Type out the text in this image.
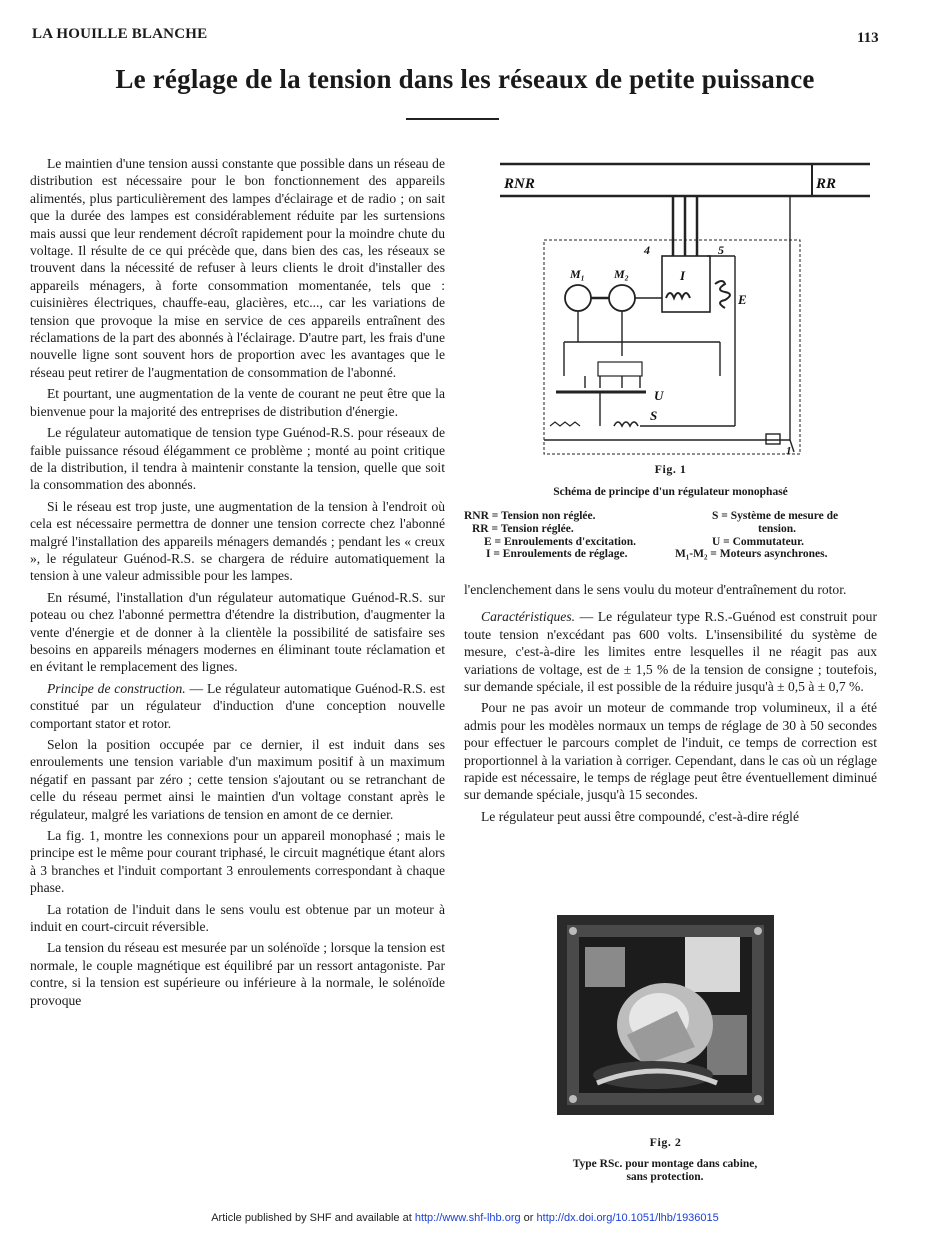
LA HOUILLE BLANCHE	113
Le réglage de la tension dans les réseaux de petite puissance

Le maintien d'une tension aussi constante que possible dans un réseau de distribution est nécessaire pour le bon fonctionnement des appareils alimentés, plus particulièrement des lampes d'éclairage et de radio ; on sait que la durée des lampes est considérablement réduite par les surtensions mais aussi que leur rendement décroît rapidement pour la moindre chute du voltage. Il résulte de ce qui précède que, dans bien des cas, les réseaux se trouvent dans la nécessité de refuser à leurs clients le droit d'installer des appareils ménagers, à forte consommation momentanée, tels que : cuisinières électriques, chauffe-eau, glacières, etc..., car les variations de tension que provoque la mise en service de ces appareils entraînent des réclamations de la part des abonnés à l'éclairage. D'autre part, les frais d'une nouvelle ligne sont souvent hors de proportion avec les avantages que le réseau peut retirer de l'augmentation de consommation de l'abonné.

Et pourtant, une augmentation de la vente de courant ne peut être que la bienvenue pour la majorité des entreprises de distribution d'énergie.

Le régulateur automatique de tension type Guénod-R.S. pour réseaux de faible puissance résoud élégamment ce problème ; monté au point critique de la distribution, il tendra à maintenir constante la tension, quelle que soit la consommation des abonnés.

Si le réseau est trop juste, une augmentation de la tension à l'endroit où cela est nécessaire permettra de donner une tension correcte chez l'abonné malgré l'installation des appareils ménagers demandés ; pendant les « creux », le régulateur Guénod-R.S. se chargera de réduire automatiquement la tension à une valeur admissible pour les lampes.

En résumé, l'installation d'un régulateur automatique Guénod-R.S. sur poteau ou chez l'abonné permettra d'étendre la distribution, d'augmenter la vente d'énergie et de donner à la clientèle la possibilité de satisfaire ses besoins en appareils ménagers modernes en éliminant toute réclamation et en évitant le remplacement des lignes.

Principe de construction. — Le régulateur automatique Guénod-R.S. est constitué par un régulateur d'induction d'une conception nouvelle comportant stator et rotor.

Selon la position occupée par ce dernier, il est induit dans ses enroulements une tension variable d'un maximum positif à un maximum négatif en passant par zéro ; cette tension s'ajoutant ou se retranchant de celle du réseau permet ainsi le maintien d'un voltage constant après le régulateur, malgré les variations de tension en amont de ce dernier.

La fig. 1, montre les connexions pour un appareil monophasé ; mais le principe est le même pour courant triphasé, le circuit magnétique étant alors à 3 branches et l'induit comportant 3 enroulements correspondant à chaque phase.

La rotation de l'induit dans le sens voulu est obtenue par un moteur à induit en court-circuit réversible.

La tension du réseau est mesurée par un solénoïde ; lorsque la tension est normale, le couple magnétique est équilibré par un ressort antagoniste. Par contre, si la tension est supérieure ou inférieure à la normale, le solénoïde provoque

RNR	RR
4	5
I
E
M₁ M₂
U
S
1
Fig. 1
Schéma de principe d'un régulateur monophasé
RNR = Tension non réglée.
RR = Tension réglée.
E = Enroulements d'excitation.
I = Enroulements de réglage.
S = Système de mesure de
tension.
U = Commutateur.
M₁-M₂ = Moteurs asynchrones.

l'enclenchement dans le sens voulu du moteur d'entraînement du rotor.

Caractéristiques. — Le régulateur type R.S.-Guénod est construit pour toute tension n'excédant pas 600 volts. L'insensibilité du système de mesure, c'est-à-dire les limites entre lesquelles il ne réagit pas aux variations de voltage, est de ± 1,5 % de la tension de consigne ; toutefois, sur demande spéciale, il est possible de la réduire jusqu'à ± 0,5 à ± 0,7 %.

Pour ne pas avoir un moteur de commande trop volumineux, il a été admis pour les modèles normaux un temps de réglage de 30 à 50 secondes pour effectuer le parcours complet de l'induit, ce temps de correction est proportionnel à la variation à corriger. Cependant, dans le cas où un réglage rapide est nécessaire, le temps de réglage peut être éventuellement diminué sur demande spéciale, jusqu'à 15 secondes.

Le régulateur peut aussi être compoundé, c'est-à-dire réglé

Fig. 2
Type RSc. pour montage dans cabine,
sans protection.
Article published by SHF and available at http://www.shf-lhb.org or http://dx.doi.org/10.1051/lhb/1936015
